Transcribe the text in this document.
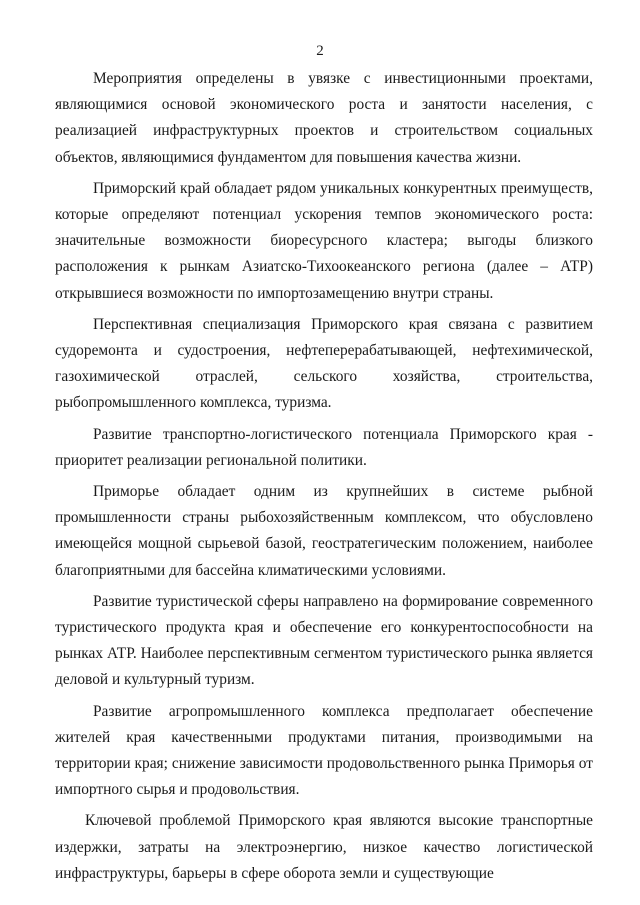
2

Мероприятия определены в увязке с инвестиционными проектами, являющимися основой экономического роста и занятости населения, с реализацией инфраструктурных проектов и строительством социальных объектов, являющимися фундаментом для повышения качества жизни.

Приморский край обладает рядом уникальных конкурентных преимуществ, которые определяют потенциал ускорения темпов экономического роста: значительные возможности биоресурсного кластера; выгоды близкого расположения к рынкам Азиатско-Тихоокеанского региона (далее – АТР) открывшиеся возможности по импортозамещению внутри страны.

Перспективная специализация Приморского края связана с развитием судоремонта и судостроения, нефтеперерабатывающей, нефтехимической, газохимической отраслей, сельского хозяйства, строительства, рыбопромышленного комплекса, туризма.

Развитие транспортно-логистического потенциала Приморского края - приоритет реализации региональной политики.

Приморье обладает одним из крупнейших в системе рыбной промышленности страны рыбохозяйственным комплексом, что обусловлено имеющейся мощной сырьевой базой, геостратегическим положением, наиболее благоприятными для бассейна климатическими условиями.

Развитие туристической сферы направлено на формирование современного туристического продукта края и обеспечение его конкурентоспособности на рынках АТР. Наиболее перспективным сегментом туристического рынка является деловой и культурный туризм.

Развитие агропромышленного комплекса предполагает обеспечение жителей края качественными продуктами питания, производимыми на территории края; снижение зависимости продовольственного рынка Приморья от импортного сырья и продовольствия.

Ключевой проблемой Приморского края являются высокие транспортные издержки, затраты на электроэнергию, низкое качество логистической инфраструктуры, барьеры в сфере оборота земли и существующие
